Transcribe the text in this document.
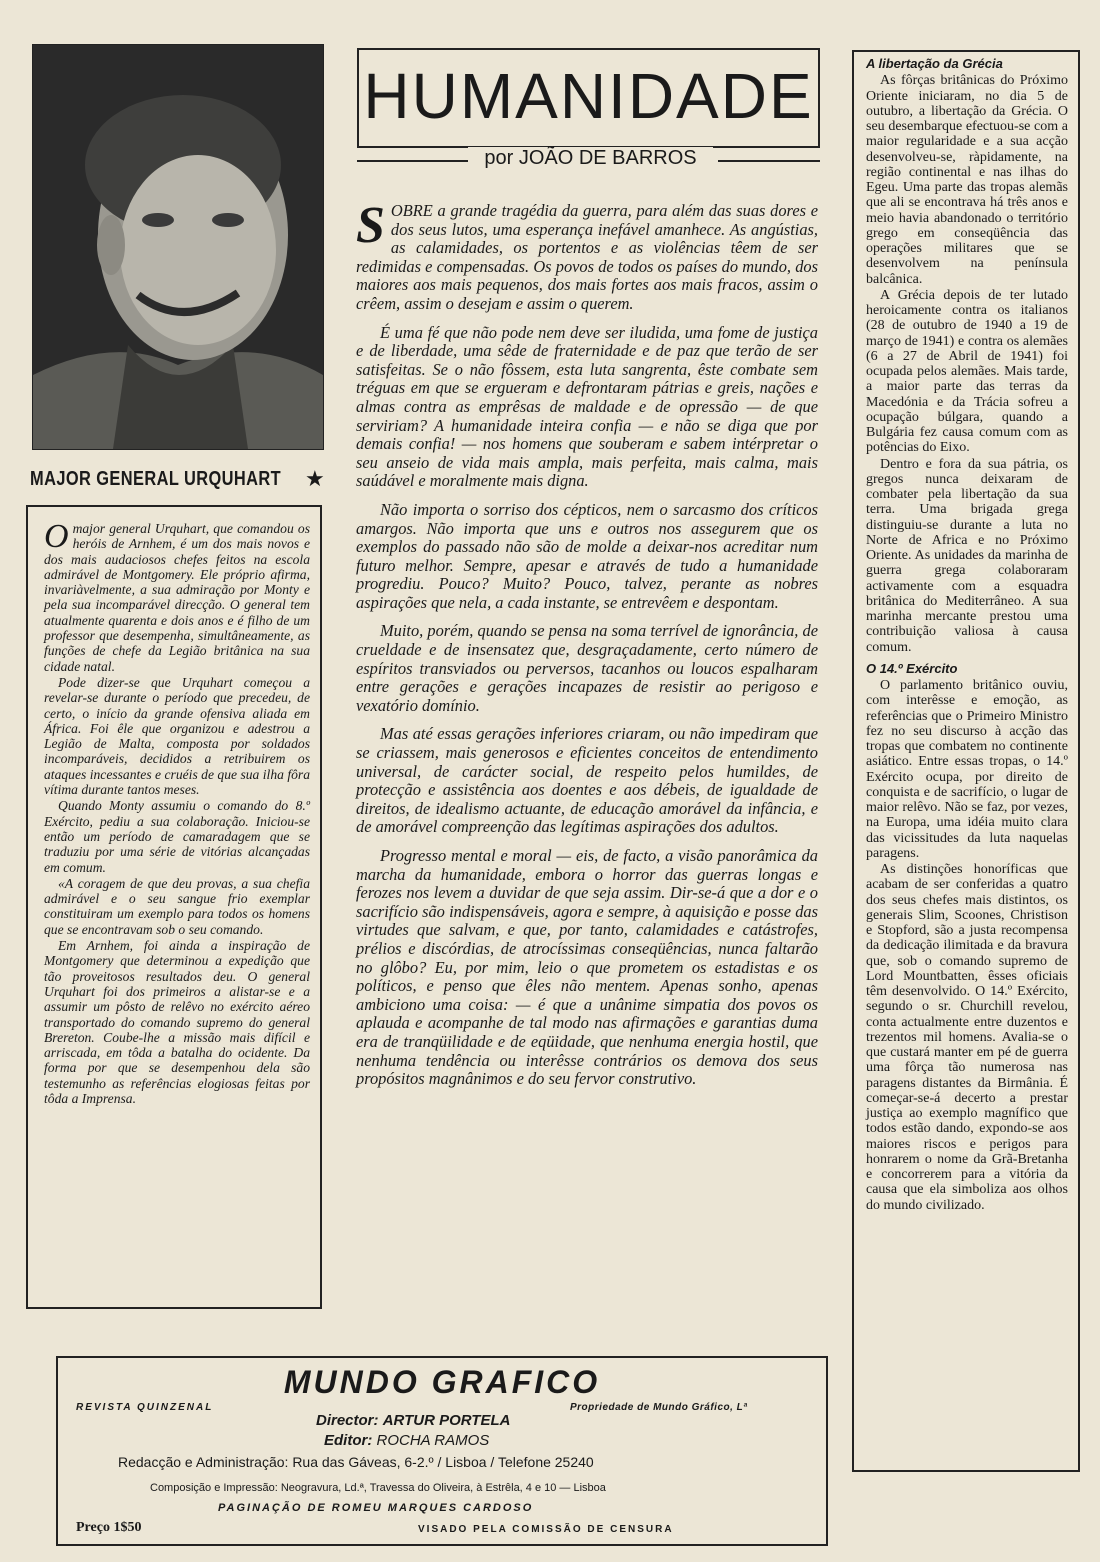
MAJOR GENERAL URQUHART ★

Omajor general Urquhart, que comandou os heróis de Arnhem, é um dos mais novos e dos mais audaciosos chefes feitos na escola admirável de Montgomery. Ele próprio afirma, invariàvelmente, a sua admiração por Monty e pela sua incomparável direcção. O general tem atualmente quarenta e dois anos e é filho de um professor que desempenha, simultâneamente, as funções de chefe da Legião britânica na sua cidade natal.

Pode dizer-se que Urquhart começou a revelar-se durante o período que precedeu, de certo, o início da grande ofensiva aliada em África. Foi êle que organizou e adestrou a Legião de Malta, composta por soldados incomparáveis, decididos a retribuirem os ataques incessantes e cruéis de que sua ilha fôra vítima durante tantos meses.

Quando Monty assumiu o comando do 8.º Exército, pediu a sua colaboração. Iniciou-se então um período de camaradagem que se traduziu por uma série de vitórias alcançadas em comum.

«A coragem de que deu provas, a sua chefia admirável e o seu sangue frio exemplar constituiram um exemplo para todos os homens que se encontravam sob o seu comando.

Em Arnhem, foi ainda a inspiração de Montgomery que determinou a expedição que tão proveitosos resultados deu. O general Urquhart foi dos primeiros a alistar-se e a assumir um pôsto de relêvo no exército aéreo transportado do comando supremo do general Brereton. Coube-lhe a missão mais difícil e arriscada, em tôda a batalha do ocidente. Da forma por que se desempenhou dela são testemunho as referências elogiosas feitas por tôda a Imprensa.

HUMANIDADE
por JOÃO DE BARROS

SOBRE a grande tragédia da guerra, para além das suas dores e dos seus lutos, uma esperança inefável amanhece. As angústias, as calamidades, os portentos e as violências têem de ser redimidas e compensadas. Os povos de todos os países do mundo, dos maiores aos mais pequenos, dos mais fortes aos mais fracos, assim o crêem, assim o desejam e assim o querem.

É uma fé que não pode nem deve ser iludida, uma fome de justiça e de liberdade, uma sêde de fraternidade e de paz que terão de ser satisfeitas. Se o não fôssem, esta luta sangrenta, êste combate sem tréguas em que se ergueram e defrontaram pátrias e greis, nações e almas contra as emprêsas de maldade e de opressão — de que serviriam? A humanidade inteira confia — e não se diga que por demais confia! — nos homens que souberam e sabem intérpretar o seu anseio de vida mais ampla, mais perfeita, mais calma, mais saúdável e moralmente mais digna.

Não importa o sorriso dos cépticos, nem o sarcasmo dos críticos amargos. Não importa que uns e outros nos assegurem que os exemplos do passado não são de molde a deixar-nos acreditar num futuro melhor. Sempre, apesar e através de tudo a humanidade progrediu. Pouco? Muito? Pouco, talvez, perante as nobres aspirações que nela, a cada instante, se entrevêem e despontam.

Muito, porém, quando se pensa na soma terrível de ignorância, de crueldade e de insensatez que, desgraçadamente, certo número de espíritos transviados ou perversos, tacanhos ou loucos espalharam entre gerações e gerações incapazes de resistir ao perigoso e vexatório domínio.

Mas até essas gerações inferiores criaram, ou não impediram que se criassem, mais generosos e eficientes conceitos de entendimento universal, de carácter social, de respeito pelos humildes, de protecção e assistência aos doentes e aos débeis, de igualdade de direitos, de idealismo actuante, de educação amorável da infância, e de amorável compreenção das legítimas aspirações dos adultos.

Progresso mental e moral — eis, de facto, a visão panorâmica da marcha da humanidade, embora o horror das guerras longas e ferozes nos levem a duvidar de que seja assim. Dir-se-á que a dor e o sacrifício são indispensáveis, agora e sempre, à aquisição e posse das virtudes que salvam, e que, por tanto, calamidades e catástrofes, prélios e discórdias, de atrocíssimas conseqüências, nunca faltarão no glôbo? Eu, por mim, leio o que prometem os estadistas e os políticos, e penso que êles não mentem. Apenas sonho, apenas ambiciono uma coisa: — é que a unânime simpatia dos povos os aplauda e acompanhe de tal modo nas afirmações e garantias duma era de tranqüilidade e de eqüidade, que nenhuma energia hostil, que nenhuma tendência ou interêsse contrários os demova dos seus propósitos magnânimos e do seu fervor construtivo.

A libertação da Grécia

As fôrças britânicas do Próximo Oriente iniciaram, no dia 5 de outubro, a libertação da Grécia. O seu desembarque efectuou-se com a maior regularidade e a sua acção desenvolveu-se, ràpidamente, na região continental e nas ilhas do Egeu. Uma parte das tropas alemãs que ali se encontrava há três anos e meio havia abandonado o território grego em conseqüência das operações militares que se desenvolvem na península balcânica.

A Grécia depois de ter lutado heroicamente contra os italianos (28 de outubro de 1940 a 19 de março de 1941) e contra os alemães (6 a 27 de Abril de 1941) foi ocupada pelos alemães. Mais tarde, a maior parte das terras da Macedónia e da Trácia sofreu a ocupação búlgara, quando a Bulgária fez causa comum com as potências do Eixo.

Dentro e fora da sua pátria, os gregos nunca deixaram de combater pela libertação da sua terra. Uma brigada grega distinguiu-se durante a luta no Norte de Africa e no Próximo Oriente. As unidades da marinha de guerra grega colaboraram activamente com a esquadra britânica do Mediterrâneo. A sua marinha mercante prestou uma contribuição valiosa à causa comum.

O 14.º Exército

O parlamento britânico ouviu, com interêsse e emoção, as referências que o Primeiro Ministro fez no seu discurso à acção das tropas que combatem no continente asiático. Entre essas tropas, o 14.º Exército ocupa, por direito de conquista e de sacrifício, o lugar de maior relêvo. Não se faz, por vezes, na Europa, uma idéia muito clara das vicissitudes da luta naquelas paragens.

As distinções honoríficas que acabam de ser conferidas a quatro dos seus chefes mais distintos, os generais Slim, Scoones, Christison e Stopford, são a justa recompensa da dedicação ilimitada e da bravura que, sob o comando supremo de Lord Mountbatten, êsses oficiais têm desenvolvido. O 14.º Exército, segundo o sr. Churchill revelou, conta actualmente entre duzentos e trezentos mil homens. Avalia-se o que custará manter em pé de guerra uma fôrça tão numerosa nas paragens distantes da Birmânia. É começar-se-á decerto a prestar justiça ao exemplo magnífico que todos estão dando, expondo-se aos maiores riscos e perigos para honrarem o nome da Grã-Bretanha e concorrerem para a vitória da causa que ela simboliza aos olhos do mundo civilizado.

MUNDO GRAFICO
REVISTA QUINZENAL	Propriedade de Mundo Gráfico, Lª
Director: ARTUR PORTELA
Editor: ROCHA RAMOS
Redacção e Administração: Rua das Gáveas, 6-2.º / Lisboa / Telefone 25240
Composição e Impressão: Neogravura, Ld.ª, Travessa do Oliveira, à Estrêla, 4 e 10 — Lisboa
PAGINAÇÃO DE ROMEU MARQUES CARDOSO
Preço 1$50	VISADO PELA COMISSÃO DE CENSURA
